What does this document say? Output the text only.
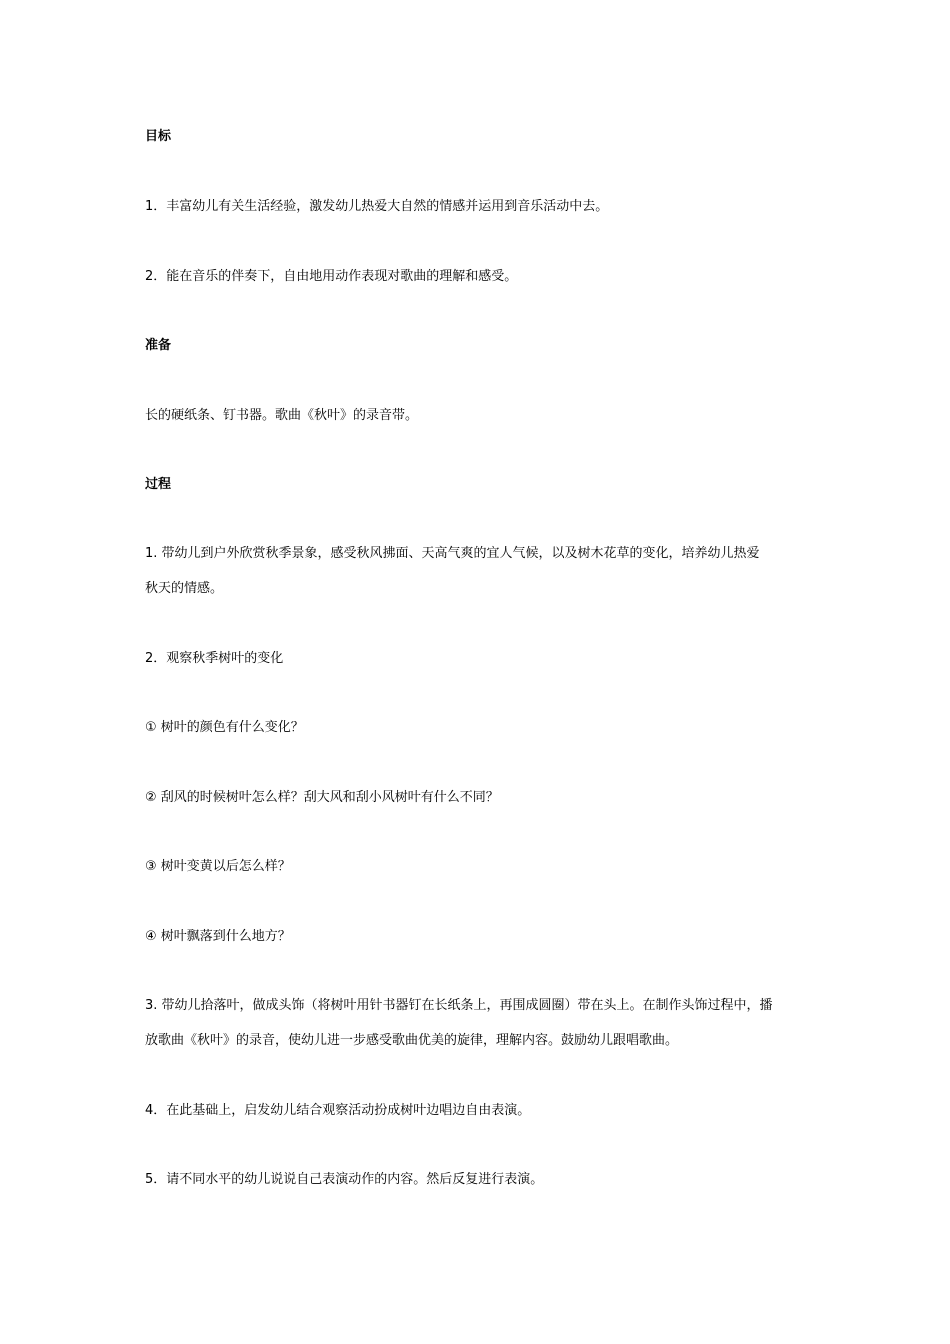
目标
1．丰富幼儿有关生活经验，激发幼儿热爱大自然的情感并运用到音乐活动中去。
2．能在音乐的伴奏下，自由地用动作表现对歌曲的理解和感受。
准备
长的硬纸条、钉书器。歌曲《秋叶》的录音带。
过程
1. 带幼儿到户外欣赏秋季景象，感受秋风拂面、天高气爽的宜人气候，以及树木花草的变化，培养幼儿热爱
秋天的情感。
2．观察秋季树叶的变化
① 树叶的颜色有什么变化？
② 刮风的时候树叶怎么样？刮大风和刮小风树叶有什么不同？
③ 树叶变黄以后怎么样？
④ 树叶飘落到什么地方？
3. 带幼儿拾落叶，做成头饰（将树叶用针书器钉在长纸条上，再围成圆圈）带在头上。在制作头饰过程中，播
放歌曲《秋叶》的录音，使幼儿进一步感受歌曲优美的旋律，理解内容。鼓励幼儿跟唱歌曲。
4．在此基础上，启发幼儿结合观察活动扮成树叶边唱边自由表演。
5．请不同水平的幼儿说说自己表演动作的内容。然后反复进行表演。
